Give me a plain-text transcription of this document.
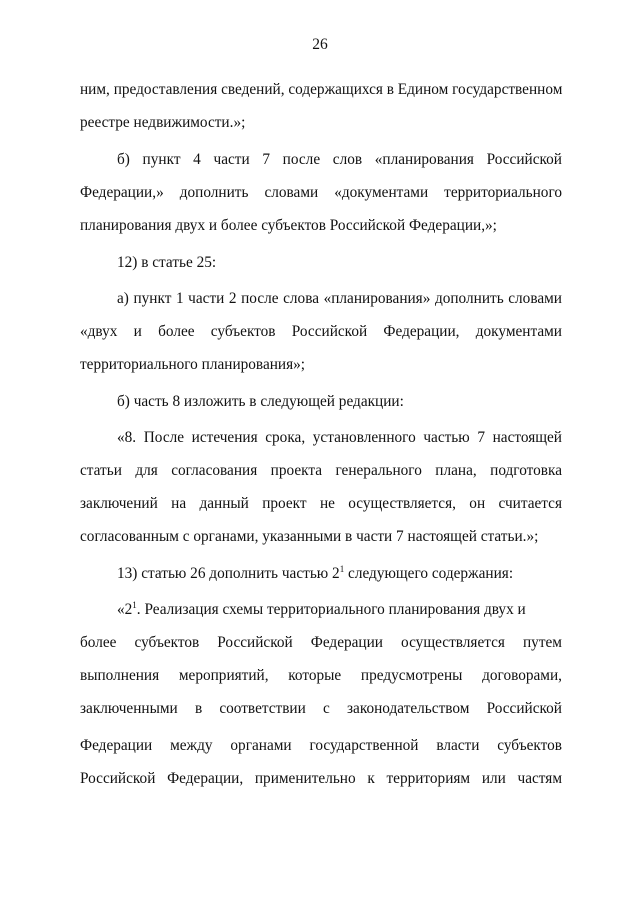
26
ним, предоставления сведений, содержащихся в Едином государственном
реестре недвижимости.»;
б) пункт 4 части 7 после слов «планирования Российской
Федерации,» дополнить словами «документами территориального
планирования двух и более субъектов Российской Федерации,»;
12) в статье 25:
а) пункт 1 части 2 после слова «планирования» дополнить словами
«двух и более субъектов Российской Федерации, документами
территориального планирования»;
б) часть 8 изложить в следующей редакции:
«8. После истечения срока, установленного частью 7 настоящей
статьи для согласования проекта генерального плана, подготовка
заключений на данный проект не осуществляется, он считается
согласованным с органами, указанными в части 7 настоящей статьи.»;
13) статью 26 дополнить частью $2^1$ следующего содержания:
«$2^1$. Реализация схемы территориального планирования двух и
более субъектов Российской Федерации осуществляется путем
выполнения мероприятий, которые предусмотрены договорами,
заключенными в соответствии с законодательством Российской
Федерации между органами государственной власти субъектов
Российской Федерации, применительно к территориям или частям
